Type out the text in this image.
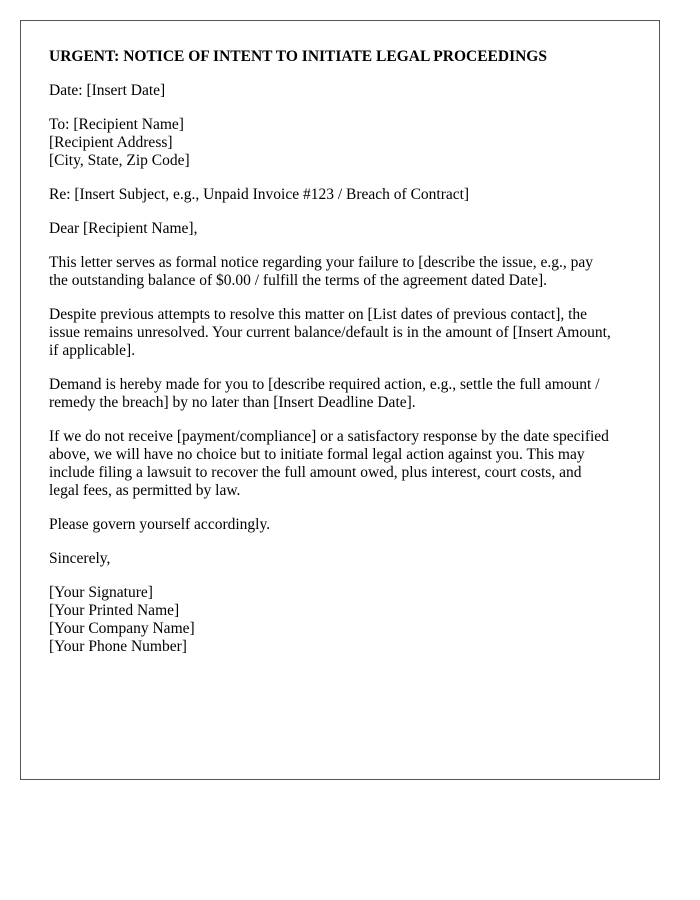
URGENT: NOTICE OF INTENT TO INITIATE LEGAL PROCEEDINGS
Date: [Insert Date]
To: [Recipient Name]
[Recipient Address]
[City, State, Zip Code]
Re: [Insert Subject, e.g., Unpaid Invoice #123 / Breach of Contract]
Dear [Recipient Name],
This letter serves as formal notice regarding your failure to [describe the issue, e.g., pay
the outstanding balance of $0.00 / fulfill the terms of the agreement dated Date].
Despite previous attempts to resolve this matter on [List dates of previous contact], the
issue remains unresolved. Your current balance/default is in the amount of [Insert Amount,
if applicable].
Demand is hereby made for you to [describe required action, e.g., settle the full amount /
remedy the breach] by no later than [Insert Deadline Date].
If we do not receive [payment/compliance] or a satisfactory response by the date specified
above, we will have no choice but to initiate formal legal action against you. This may
include filing a lawsuit to recover the full amount owed, plus interest, court costs, and
legal fees, as permitted by law.
Please govern yourself accordingly.
Sincerely,
[Your Signature]
[Your Printed Name]
[Your Company Name]
[Your Phone Number]
